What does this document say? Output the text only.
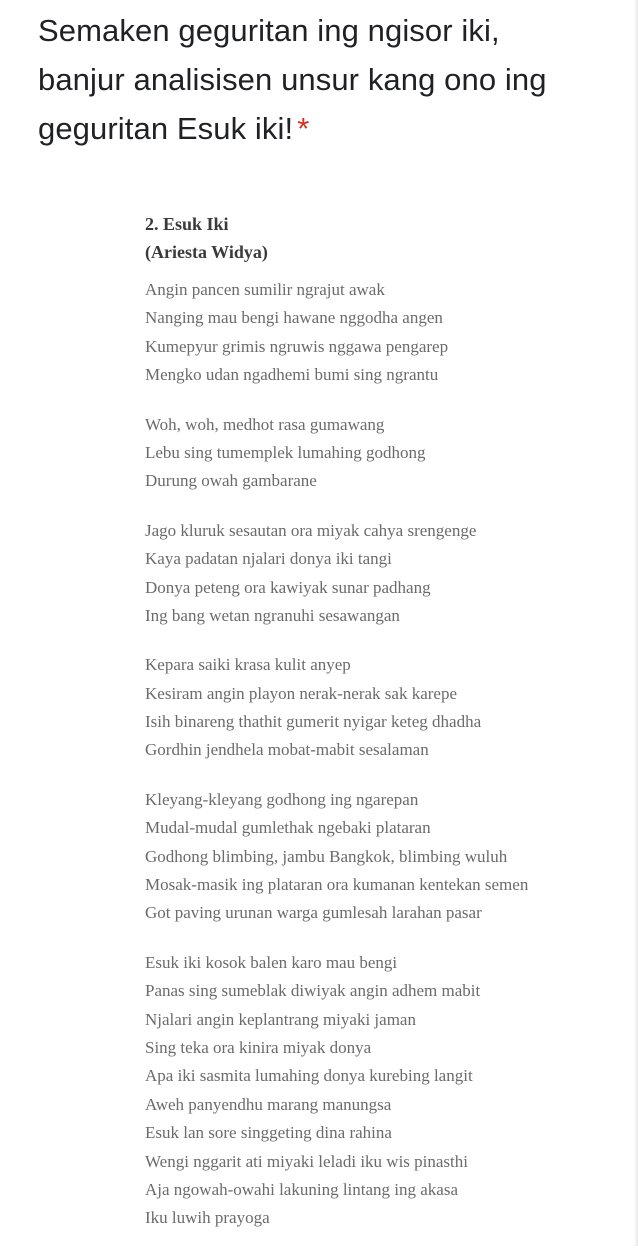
Semaken geguritan ing ngisor iki,
banjur analisisen unsur kang ono ing
geguritan Esuk iki! *
2. Esuk Iki
(Ariesta Widya)
Angin pancen sumilir ngrajut awak
Nanging mau bengi hawane nggodha angen
Kumepyur grimis ngruwis nggawa pengarep
Mengko udan ngadhemi bumi sing ngrantu
Woh, woh, medhot rasa gumawang
Lebu sing tumemplek lumahing godhong
Durung owah gambarane
Jago kluruk sesautan ora miyak cahya srengenge
Kaya padatan njalari donya iki tangi
Donya peteng ora kawiyak sunar padhang
Ing bang wetan ngranuhi sesawangan
Kepara saiki krasa kulit anyep
Kesiram angin playon nerak-nerak sak karepe
Isih binareng thathit gumerit nyigar keteg dhadha
Gordhin jendhela mobat-mabit sesalaman
Kleyang-kleyang godhong ing ngarepan
Mudal-mudal gumlethak ngebaki plataran
Godhong blimbing, jambu Bangkok, blimbing wuluh
Mosak-masik ing plataran ora kumanan kentekan semen
Got paving urunan warga gumlesah larahan pasar
Esuk iki kosok balen karo mau bengi
Panas sing sumeblak diwiyak angin adhem mabit
Njalari angin keplantrang miyaki jaman
Sing teka ora kinira miyak donya
Apa iki sasmita lumahing donya kurebing langit
Aweh panyendhu marang manungsa
Esuk lan sore singgeting dina rahina
Wengi nggarit ati miyaki leladi iku wis pinasthi
Aja ngowah-owahi lakuning lintang ing akasa
Iku luwih prayoga
